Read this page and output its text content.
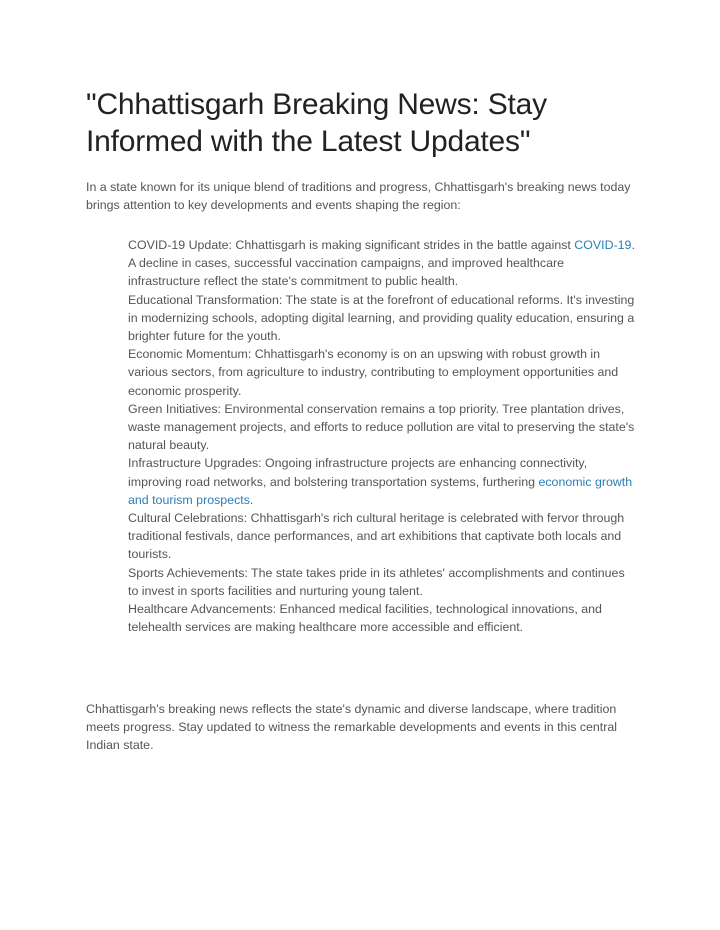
"Chhattisgarh Breaking News: Stay Informed with the Latest Updates"

In a state known for its unique blend of traditions and progress, Chhattisgarh's breaking news today brings attention to key developments and events shaping the region:

COVID-19 Update: Chhattisgarh is making significant strides in the battle against COVID-19. A decline in cases, successful vaccination campaigns, and improved healthcare infrastructure reflect the state's commitment to public health.
Educational Transformation: The state is at the forefront of educational reforms. It's investing in modernizing schools, adopting digital learning, and providing quality education, ensuring a brighter future for the youth.
Economic Momentum: Chhattisgarh's economy is on an upswing with robust growth in various sectors, from agriculture to industry, contributing to employment opportunities and economic prosperity.
Green Initiatives: Environmental conservation remains a top priority. Tree plantation drives, waste management projects, and efforts to reduce pollution are vital to preserving the state's natural beauty.
Infrastructure Upgrades: Ongoing infrastructure projects are enhancing connectivity, improving road networks, and bolstering transportation systems, furthering economic growth and tourism prospects.
Cultural Celebrations: Chhattisgarh's rich cultural heritage is celebrated with fervor through traditional festivals, dance performances, and art exhibitions that captivate both locals and tourists.
Sports Achievements: The state takes pride in its athletes' accomplishments and continues to invest in sports facilities and nurturing young talent.
Healthcare Advancements: Enhanced medical facilities, technological innovations, and telehealth services are making healthcare more accessible and efficient.

Chhattisgarh's breaking news reflects the state's dynamic and diverse landscape, where tradition meets progress. Stay updated to witness the remarkable developments and events in this central Indian state.
